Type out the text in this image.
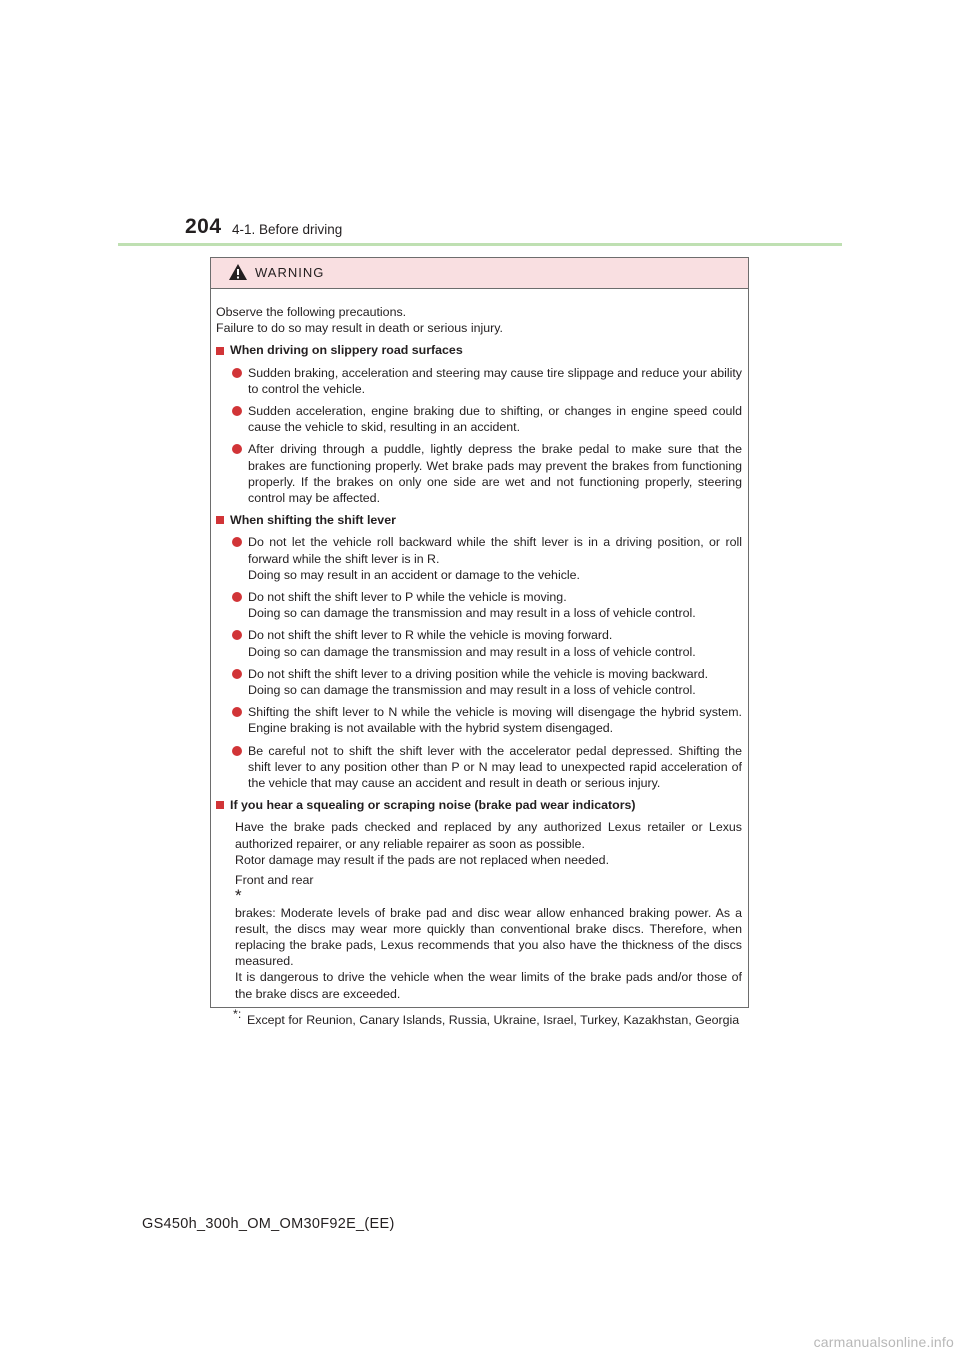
204 4-1. Before driving
WARNING
Observe the following precautions.
Failure to do so may result in death or serious injury.
When driving on slippery road surfaces
Sudden braking, acceleration and steering may cause tire slippage and reduce your ability to control the vehicle.
Sudden acceleration, engine braking due to shifting, or changes in engine speed could cause the vehicle to skid, resulting in an accident.
After driving through a puddle, lightly depress the brake pedal to make sure that the brakes are functioning properly. Wet brake pads may prevent the brakes from functioning properly. If the brakes on only one side are wet and not functioning properly, steering control may be affected.
When shifting the shift lever
Do not let the vehicle roll backward while the shift lever is in a driving position, or roll forward while the shift lever is in R.
Doing so may result in an accident or damage to the vehicle.
Do not shift the shift lever to P while the vehicle is moving.
Doing so can damage the transmission and may result in a loss of vehicle control.
Do not shift the shift lever to R while the vehicle is moving forward.
Doing so can damage the transmission and may result in a loss of vehicle control.
Do not shift the shift lever to a driving position while the vehicle is moving backward.
Doing so can damage the transmission and may result in a loss of vehicle control.
Shifting the shift lever to N while the vehicle is moving will disengage the hybrid system. Engine braking is not available with the hybrid system disengaged.
Be careful not to shift the shift lever with the accelerator pedal depressed. Shifting the shift lever to any position other than P or N may lead to unexpected rapid acceleration of the vehicle that may cause an accident and result in death or serious injury.
If you hear a squealing or scraping noise (brake pad wear indicators)
Have the brake pads checked and replaced by any authorized Lexus retailer or Lexus authorized repairer, or any reliable repairer as soon as possible.
Rotor damage may result if the pads are not replaced when needed.
Front and rear
*
brakes: Moderate levels of brake pad and disc wear allow enhanced braking power. As a result, the discs may wear more quickly than conventional brake discs. Therefore, when replacing the brake pads, Lexus recommends that you also have the thickness of the discs measured.
It is dangerous to drive the vehicle when the wear limits of the brake pads and/or those of the brake discs are exceeded.
*: Except for Reunion, Canary Islands, Russia, Ukraine, Israel, Turkey, Kazakhstan, Georgia
GS450h_300h_OM_OM30F92E_(EE)
carmanualsonline.info
